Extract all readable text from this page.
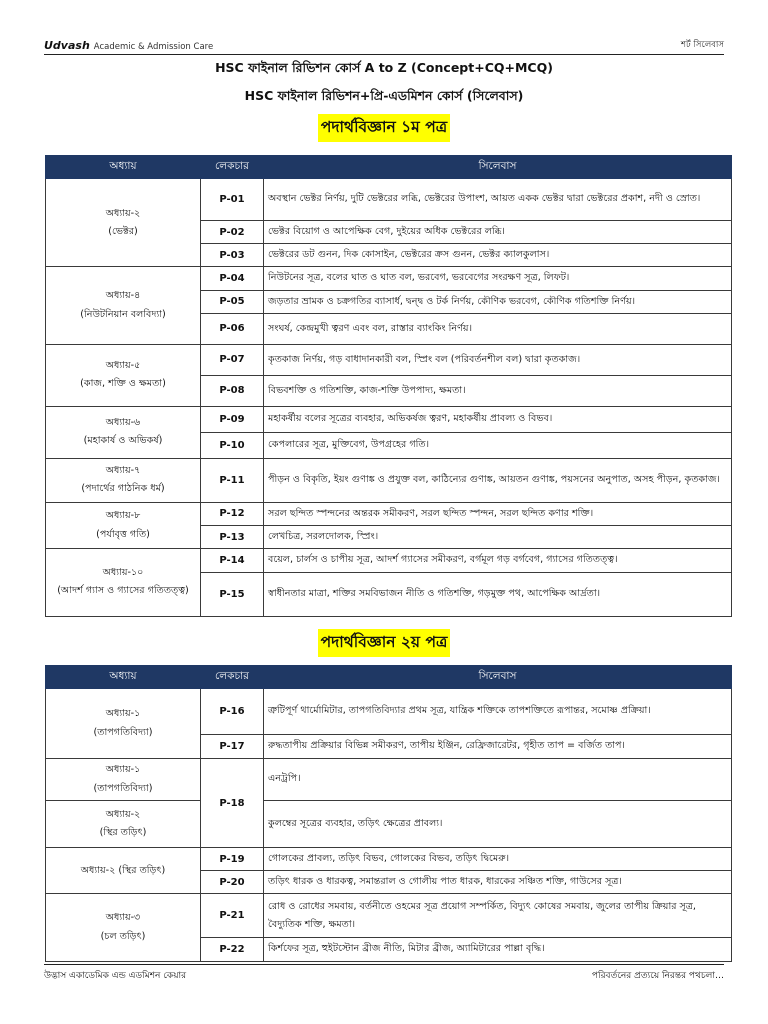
Udvash Academic & Admission Care	শর্ট সিলেবাস
HSC ফাইনাল রিভিশন কোর্স A to Z (Concept+CQ+MCQ)
HSC ফাইনাল রিভিশন+প্রি-এডমিশন কোর্স (সিলেবাস)
পদার্থবিজ্ঞান ১ম পত্র
অধ্যায়	লেকচার	সিলেবাস

অধ্যায়-২
(ভেক্টর)	P-01	অবস্থান ভেক্টর নির্ণয়, দুটি ভেক্টরের লব্ধি, ভেক্টরের উপাংশ, আয়ত একক ভেক্টর দ্বারা ভেক্টরের প্রকাশ, নদী ও স্রোত।
	P-02	ভেক্টর বিয়োগ ও আপেক্ষিক বেগ, দুইয়ের অধিক ভেক্টরের লব্ধি।
	P-03	ভেক্টরের ডট গুনন, দিক কোসাইন, ভেক্টরের ক্রস গুনন, ভেক্টর ক্যালকুলাস।

অধ্যায়-৪
(নিউটনিয়ান বলবিদ্যা)	P-04	নিউটনের সূত্র, বলের ঘাত ও ঘাত বল, ভরবেগ, ভরবেগের সংরক্ষণ সূত্র, লিফট।
	P-05	জড়তার ভ্রামক ও চক্রগতির ব্যাসার্ধ, দ্বন্দ্ব ও টর্ক নির্ণয়, কৌণিক ভরবেগ, কৌণিক গতিশক্তি নির্ণয়।
	P-06	সংঘর্ষ, কেন্দ্রমুখী ত্বরণ এবং বল, রাস্তার ব্যাংকিং নির্ণয়।

অধ্যায়-৫
(কাজ, শক্তি ও ক্ষমতা)	P-07	কৃতকাজ নির্ণয়, গড় বাধাদানকারী বল, স্প্রিং বল (পরিবর্তনশীল বল) দ্বারা কৃতকাজ।
	P-08	বিভবশক্তি ও গতিশক্তি, কাজ-শক্তি উপপাদ্য, ক্ষমতা।

অধ্যায়-৬
(মহাকার্ষ ও অভিকর্ষ)	P-09	মহাকর্ষীয় বলের সূত্রের ব্যবহার, অভিকর্ষজ ত্বরণ, মহাকর্ষীয় প্রাবল্য ও বিভব।
	P-10	কেপলারের সূত্র, মুক্তিবেগ, উপগ্রহের গতি।

অধ্যায়-৭
(পদার্থের গাঠনিক ধর্ম)	P-11	পীড়ন ও বিকৃতি, ইয়ং গুণাঙ্ক ও প্রযুক্ত বল, কাঠিন্যের গুণাঙ্ক, আয়তন গুণাঙ্ক, পয়সনের অনুপাত, অসহ পীড়ন, কৃতকাজ।

অধ্যায়-৮
(পর্যাবৃত্ত গতি)	P-12	সরল ছন্দিত স্পন্দনের অন্তরক সমীকরণ, সরল ছন্দিত স্পন্দন, সরল ছন্দিত কণার শক্তি।
	P-13	লেখচিত্র, সরলদোলক, স্প্রিং।

অধ্যায়-১০
(আদর্শ গ্যাস ও গ্যাসের গতিতত্ত্ব)	P-14	বয়েল, চার্লস ও চাপীয় সূত্র, আদর্শ গ্যাসের সমীকরণ, বর্গমূল গড় বর্গবেগ, গ্যাসের গতিতত্ত্ব।
	P-15	স্বাধীনতার মাত্রা, শক্তির সমবিভাজন নীতি ও গতিশক্তি, গড়মুক্ত পথ, আপেক্ষিক আর্দ্রতা।
পদার্থবিজ্ঞান ২য় পত্র
অধ্যায়	লেকচার	সিলেবাস

অধ্যায়-১
(তাপগতিবিদ্যা)	P-16	ত্রুটিপূর্ণ থার্মোমিটার, তাপগতিবিদ্যার প্রথম সূত্র, যান্ত্রিক শক্তিকে তাপশক্তিতে রূপান্তর, সমোষ্ণ প্রক্রিয়া।
	P-17	রুদ্ধতাপীয় প্রক্রিয়ার বিভিন্ন সমীকরণ, তাপীয় ইঞ্জিন, রেফ্রিজারেটর, গৃহীত তাপ = বর্জিত তাপ।

অধ্যায়-১
(তাপগতিবিদ্যা)	P-18	এনট্রপি।

অধ্যায়-২
(স্থির তড়িৎ)		কুলম্বের সূত্রের ব্যবহার, তড়িৎ ক্ষেত্রের প্রাবল্য।
অধ্যায়-২ (স্থির তড়িৎ)	P-19	গোলকের প্রাবল্য, তড়িৎ বিভব, গোলকের বিভব, তড়িৎ দ্বিমেরু।
	P-20	তড়িৎ ধারক ও ধারকত্ব, সমান্তরাল ও গোলীয় পাত ধারক, ধারকের সঞ্চিত শক্তি, গাউসের সূত্র।

অধ্যায়-৩
(চল তড়িৎ)	P-21	রোধ ও রোধের সমবায়, বর্তনীতে ওহমের সূত্র প্রয়োগ সম্পর্কিত, বিদ্যুৎ কোষের সমবায়, জুলের তাপীয় ক্রিয়ার সূত্র, বৈদ্যুতিক শক্তি, ক্ষমতা।
	P-22	কির্শফের সূত্র, হুইটস্টোন ব্রীজ নীতি, মিটার ব্রীজ, অ্যামিটারের পাল্লা বৃদ্ধি।
উদ্ভাস একাডেমিক এন্ড এডমিশন কেয়ার	পরিবর্তনের প্রত্যয়ে নিরন্তর পথচলা…
